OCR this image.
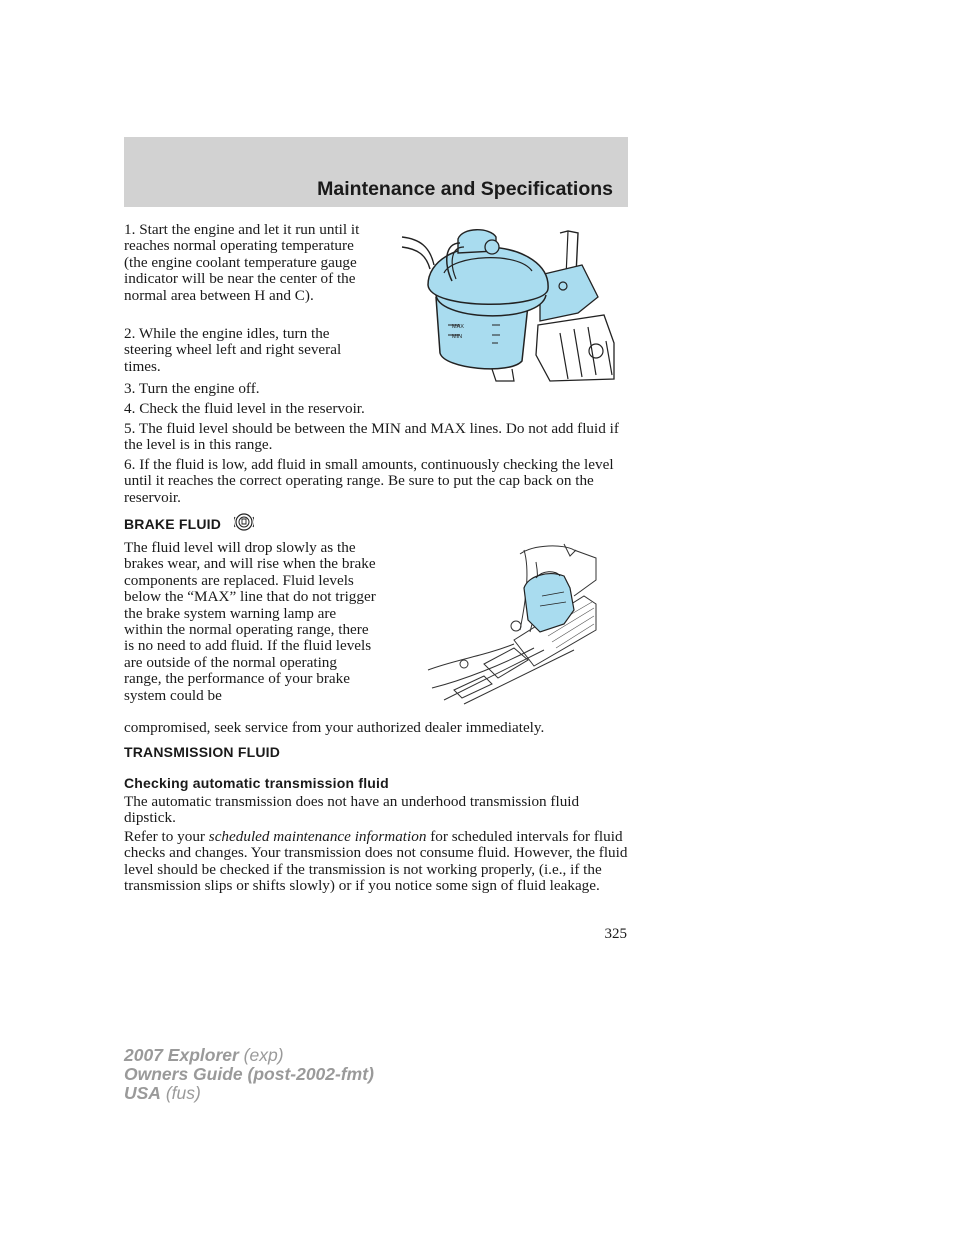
Maintenance and Specifications
MAX
MIN

1. Start the engine and let it run until it reaches normal operating temperature (the engine coolant temperature gauge indicator will be near the center of the normal area between H and C).

2. While the engine idles, turn the steering wheel left and right several times.

3. Turn the engine off.

4. Check the fluid level in the reservoir.

5. The fluid level should be between the MIN and MAX lines. Do not add fluid if the level is in this range.

6. If the fluid is low, add fluid in small amounts, continuously checking the level until it reaches the correct operating range. Be sure to put the cap back on the reservoir.

BRAKE FLUID

The fluid level will drop slowly as the brakes wear, and will rise when the brake components are replaced. Fluid levels below the “MAX” line that do not trigger the brake system warning lamp are within the normal operating range, there is no need to add fluid. If the fluid levels are outside of the normal operating range, the performance of your brake system could be

compromised, seek service from your authorized dealer immediately.

TRANSMISSION FLUID
Checking automatic transmission fluid

The automatic transmission does not have an underhood transmission fluid dipstick.

Refer to your scheduled maintenance information for scheduled intervals for fluid checks and changes. Your transmission does not consume fluid. However, the fluid level should be checked if the transmission is not working properly, (i.e., if the transmission slips or shifts slowly) or if you notice some sign of fluid leakage.

325
2007 Explorer (exp)
Owners Guide (post-2002-fmt)
USA (fus)
